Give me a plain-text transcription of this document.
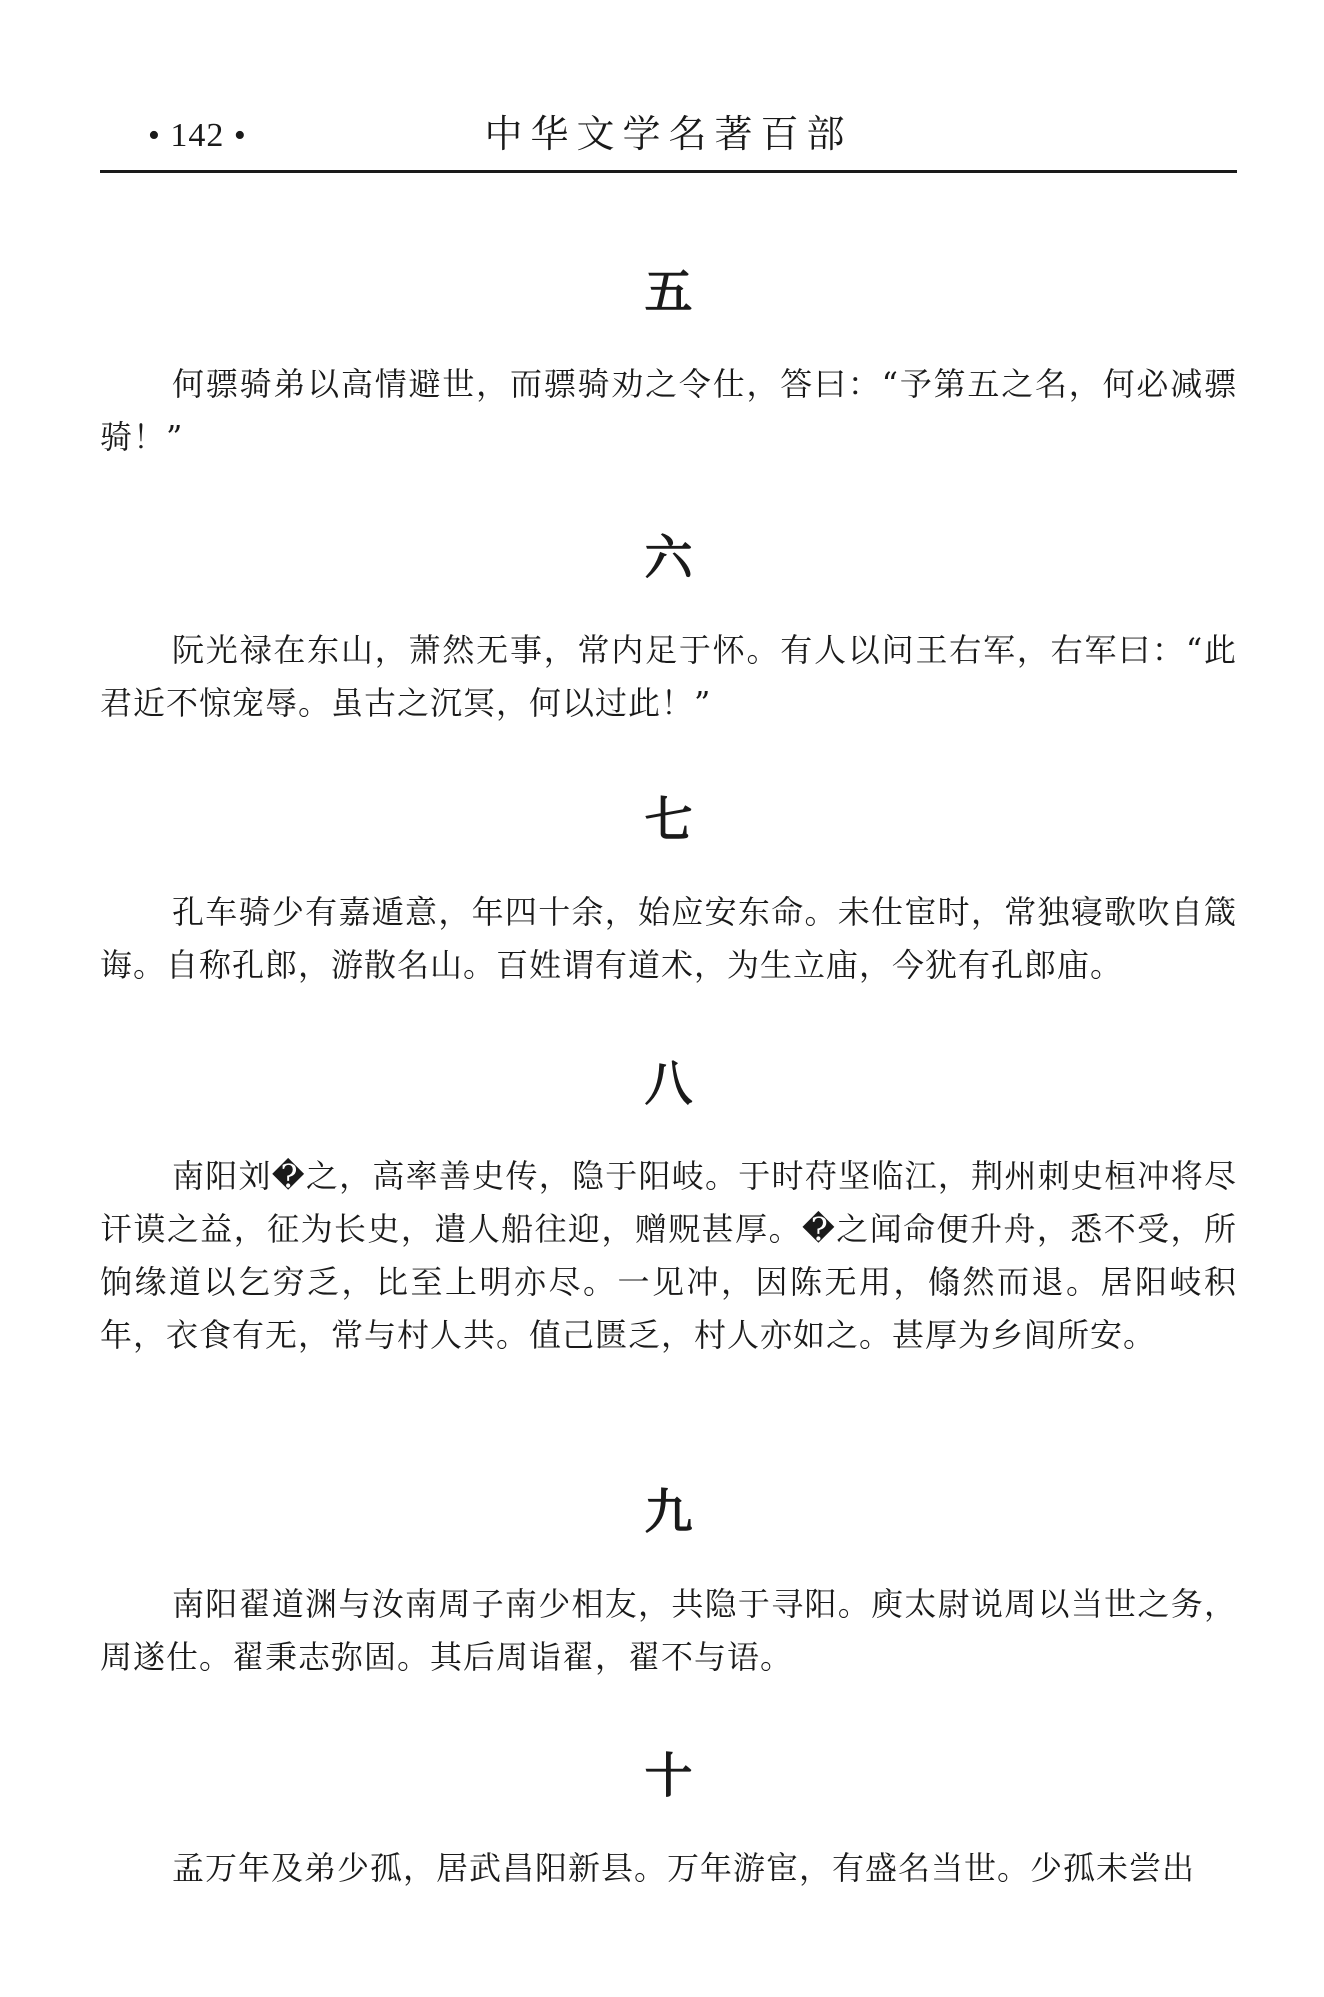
• 142 •	中华文学名著百部
五

何骠骑弟以高情避世，而骠骑劝之令仕，答曰：“予第五之名，何必减骠骑！”

六

阮光禄在东山，萧然无事，常内足于怀。有人以问王右军，右军曰：“此君近不惊宠辱。虽古之沉冥，何以过此！”

七

孔车骑少有嘉遁意，年四十余，始应安东命。未仕宦时，常独寝歌吹自箴诲。自称孔郎，游散名山。百姓谓有道术，为生立庙，今犹有孔郎庙。

八

南阳刘�之，高率善史传，隐于阳岐。于时苻坚临江，荆州刺史桓冲将尽讦谟之益，征为长史，遣人船往迎，赠贶甚厚。�之闻命便升舟，悉不受，所饷缘道以乞穷乏，比至上明亦尽。一见冲，因陈无用，翛然而退。居阳岐积年，衣食有无，常与村人共。值己匮乏，村人亦如之。甚厚为乡闾所安。

九

南阳翟道渊与汝南周子南少相友，共隐于寻阳。庾太尉说周以当世之务，周遂仕。翟秉志弥固。其后周诣翟，翟不与语。

十

孟万年及弟少孤，居武昌阳新县。万年游宦，有盛名当世。少孤未尝出
